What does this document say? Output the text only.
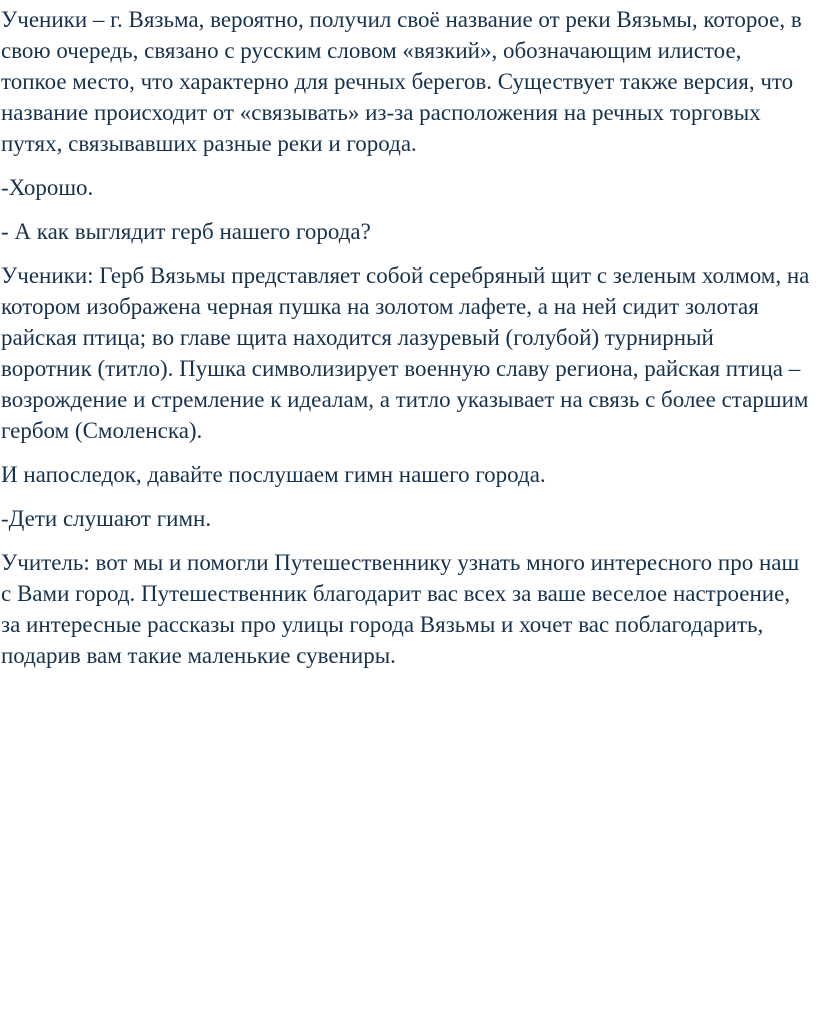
Ученики – г. Вязьма, вероятно, получил своё название от реки Вязьмы, которое, в свою очередь, связано с русским словом «вязкий», обозначающим илистое, топкое место, что характерно для речных берегов. Существует также версия, что название происходит от «связывать» из-за расположения на речных торговых путях, связывавших разные реки и города.

-Хорошо.

- А как выглядит герб нашего города?

Ученики: Герб Вязьмы представляет собой серебряный щит с зеленым холмом, на котором изображена черная пушка на золотом лафете, а на ней сидит золотая райская птица; во главе щита находится лазуревый (голубой) турнирный воротник (титло). Пушка символизирует военную славу региона, райская птица – возрождение и стремление к идеалам, а титло указывает на связь с более старшим гербом (Смоленска).

И напоследок, давайте послушаем гимн нашего города.

-Дети слушают гимн.

Учитель: вот мы и помогли Путешественнику узнать много интересного про наш с Вами город. Путешественник благодарит вас всех за ваше веселое настроение, за интересные рассказы про улицы города Вязьмы и хочет вас поблагодарить, подарив вам такие маленькие сувениры.
